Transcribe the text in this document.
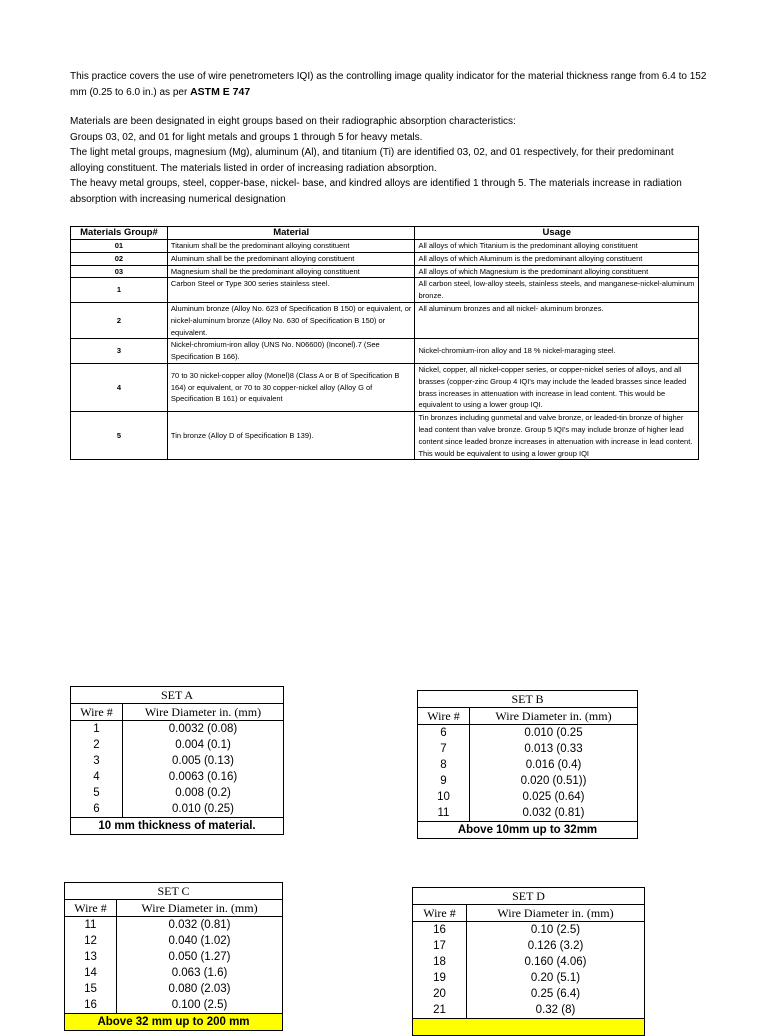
This practice covers the use of wire penetrometers IQI) as the controlling image quality indicator for the material thickness range from 6.4 to 152 mm (0.25 to 6.0 in.) as per ASTM E 747

Materials are been designated in eight groups based on their radiographic absorption characteristics:

Groups 03, 02, and 01 for light metals and groups 1 through 5 for heavy metals.

The light metal groups, magnesium (Mg), aluminum (Al), and titanium (Ti) are identified 03, 02, and 01 respectively, for their predominant alloying constituent. The materials listed in order of increasing radiation absorption.

The heavy metal groups, steel, copper-base, nickel- base, and kindred alloys are identified 1 through 5. The materials increase in radiation absorption with increasing numerical designation

Materials Group#	Material	Usage
01	Titanium shall be the predominant alloying constituent	All alloys of which Titanium is the predominant alloying constituent
02	Aluminum shall be the predominant alloying constituent	All alloys of which Aluminum is the predominant alloying constituent
03	Magnesium shall be the predominant alloying constituent	All alloys of which Magnesium is the predominant alloying constituent
1	Carbon Steel or Type 300 series stainless steel.	All carbon steel, low-alloy steels, stainless steels, and manganese-nickel-aluminum bronze.
2	Aluminum bronze (Alloy No. 623 of Specification B 150) or equivalent, or nickel-aluminum bronze (Alloy No. 630 of Specification B 150) or equivalent.	All aluminum bronzes and all nickel- aluminum bronzes.
3	Nickel-chromium-iron alloy (UNS No. N06600) (Inconel).7 (See Specification B 166).	Nickel-chromium-iron alloy and 18 % nickel-maraging steel.
4	70 to 30 nickel-copper alloy (Monel)8 (Class A or B of Specification B 164) or equivalent, or 70 to 30 copper-nickel alloy (Alloy G of Specification B 161) or equivalent	Nickel, copper, all nickel-copper series, or copper-nickel series of alloys, and all brasses (copper-zinc Group 4 IQI's may include the leaded brasses since leaded brass increases in attenuation with increase in lead content. This would be equivalent to using a lower group IQI.
5	Tin bronze (Alloy D of Specification B 139).	Tin bronzes including gunmetal and valve bronze, or leaded-tin bronze of higher lead content than valve bronze. Group 5 IQI's may include bronze of higher lead content since leaded bronze increases in attenuation with increase in lead content. This would be equivalent to using a lower group IQI
SET A	
Wire #	Wire Diameter in. (mm)
1	0.0032 (0.08)
2	0.004 (0.1)
3	0.005 (0.13)
4	0.0063 (0.16)
5	0.008 (0.2)
6	0.010 (0.25)
10 mm thickness of material.	
SET B	
Wire #	Wire Diameter in. (mm)
6	0.010 (0.25
7	0.013 (0.33
8	0.016 (0.4)
9	0.020 (0.51))
10	0.025 (0.64)
11	0.032 (0.81)
Above 10mm up to 32mm	
SET C	
Wire #	Wire Diameter in. (mm)
11	0.032 (0.81)
12	0.040 (1.02)
13	0.050 (1.27)
14	0.063 (1.6)
15	0.080 (2.03)
16	0.100 (2.5)
Above 32 mm up to 200 mm	
SET D	
Wire #	Wire Diameter in. (mm)
16	0.10 (2.5)
17	0.126 (3.2)
18	0.160 (4.06)
19	0.20 (5.1)
20	0.25 (6.4)
21	0.32 (8)
